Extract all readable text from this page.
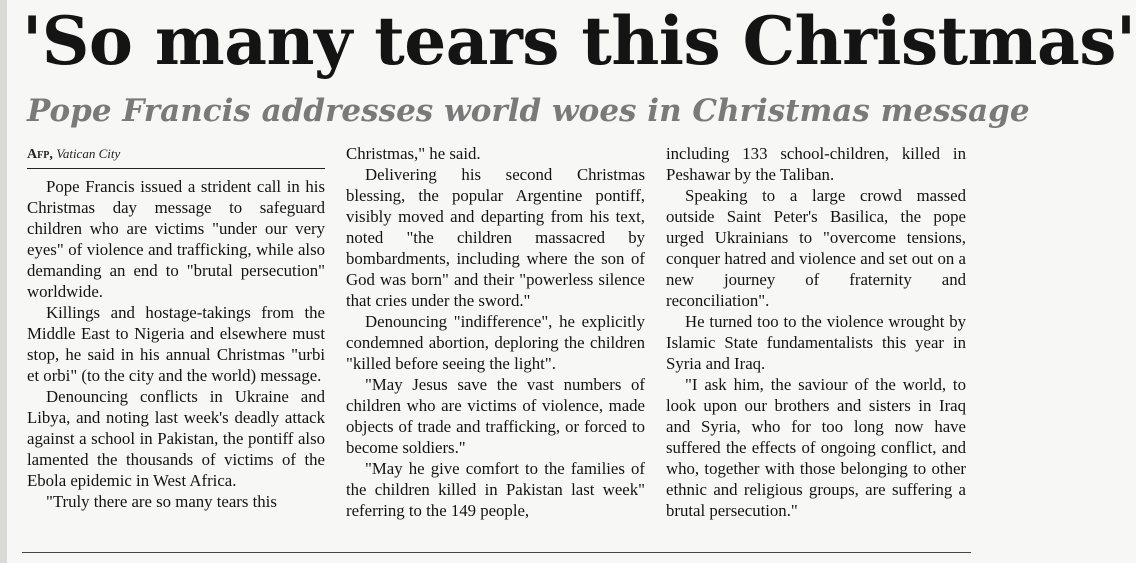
'So many tears this Christmas'
Pope Francis addresses world woes in Christmas message
Afp, Vatican City

Pope Francis issued a strident call in his Christmas day message to safeguard children who are victims "under our very eyes" of violence and trafficking, while also demanding an end to "brutal persecution" worldwide.

Killings and hostage-takings from the Middle East to Nigeria and elsewhere must stop, he said in his annual Christmas "urbi et orbi" (to the city and the world) message.

Denouncing conflicts in Ukraine and Libya, and noting last week's deadly attack against a school in Pakistan, the pontiff also lamented the thousands of victims of the Ebola epidemic in West Africa.

"Truly there are so many tears this

Christmas," he said.

Delivering his second Christmas blessing, the popular Argentine pontiff, visibly moved and departing from his text, noted "the children massacred by bombardments, including where the son of God was born" and their "powerless silence that cries under the sword."

Denouncing "indifference", he explicitly condemned abortion, deploring the children "killed before seeing the light".

"May Jesus save the vast numbers of children who are victims of violence, made objects of trade and trafficking, or forced to become soldiers."

"May he give comfort to the families of the children killed in Pakistan last week" referring to the 149 people,

including 133 school-children, killed in Peshawar by the Taliban.

Speaking to a large crowd massed outside Saint Peter's Basilica, the pope urged Ukrainians to "overcome tensions, conquer hatred and violence and set out on a new journey of fraternity and reconciliation".

He turned too to the violence wrought by Islamic State fundamentalists this year in Syria and Iraq.

"I ask him, the saviour of the world, to look upon our brothers and sisters in Iraq and Syria, who for too long now have suffered the effects of ongoing conflict, and who, together with those belonging to other ethnic and religious groups, are suffering a brutal persecution."
